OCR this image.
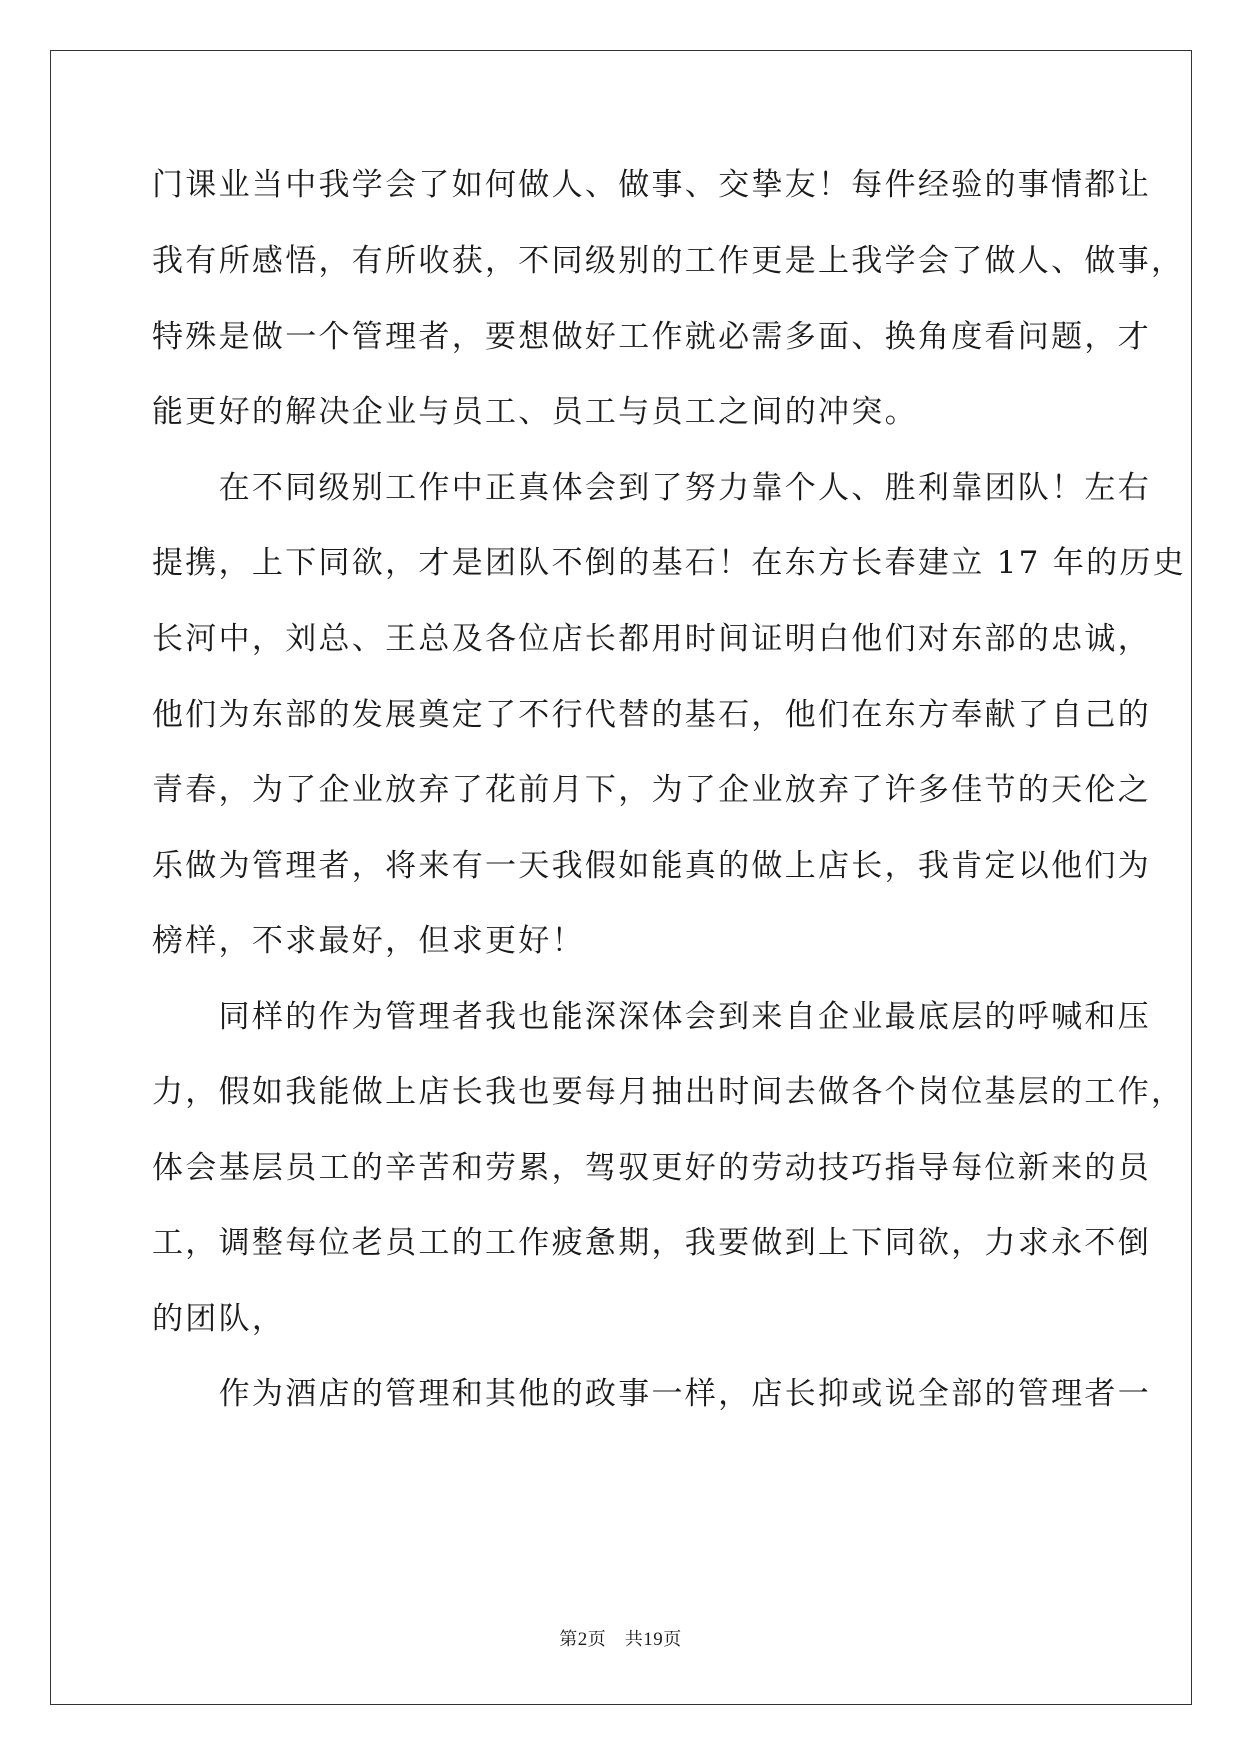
门课业当中我学会了如何做人、做事、交挚友！每件经验的事情都让
我有所感悟，有所收获，不同级别的工作更是上我学会了做人、做事，
特殊是做一个管理者，要想做好工作就必需多面、换角度看问题，才
能更好的解决企业与员工、员工与员工之间的冲突。
　　在不同级别工作中正真体会到了努力靠个人、胜利靠团队！左右
提携，上下同欲，才是团队不倒的基石！在东方长春建立 17 年的历史
长河中，刘总、王总及各位店长都用时间证明白他们对东部的忠诚，
他们为东部的发展奠定了不行代替的基石，他们在东方奉献了自己的
青春，为了企业放弃了花前月下，为了企业放弃了许多佳节的天伦之
乐做为管理者，将来有一天我假如能真的做上店长，我肯定以他们为
榜样，不求最好，但求更好！
　　同样的作为管理者我也能深深体会到来自企业最底层的呼喊和压
力，假如我能做上店长我也要每月抽出时间去做各个岗位基层的工作，
体会基层员工的辛苦和劳累，驾驭更好的劳动技巧指导每位新来的员
工，调整每位老员工的工作疲惫期，我要做到上下同欲，力求永不倒
的团队，
　　作为酒店的管理和其他的政事一样，店长抑或说全部的管理者一
第2页　共19页
